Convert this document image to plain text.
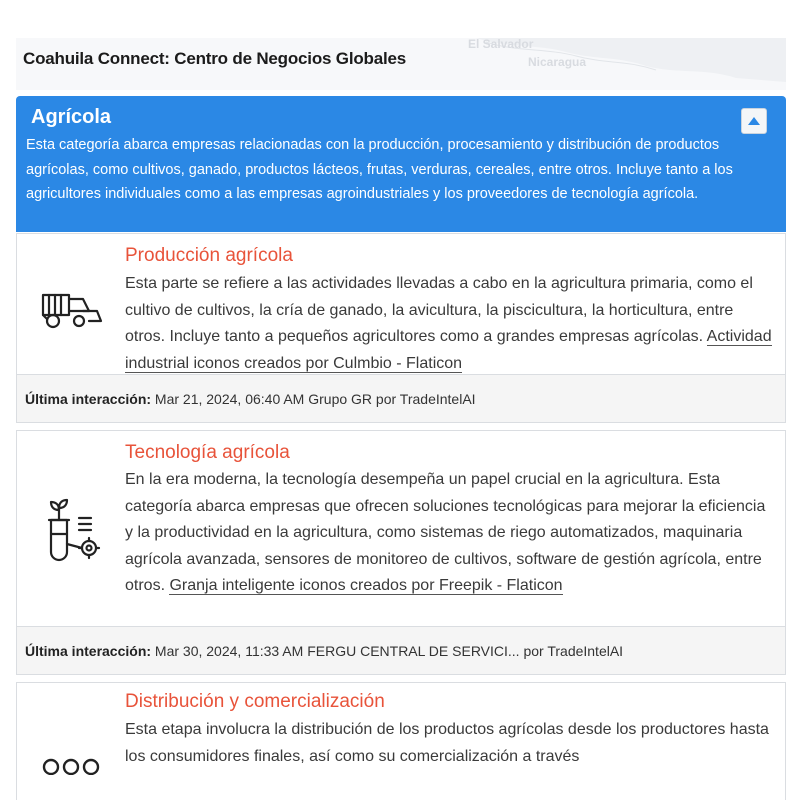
El Salvador
Nicaragua
Coahuila Connect: Centro de Negocios Globales
Agrícola
Esta categoría abarca empresas relacionadas con la producción, procesamiento y distribución de productos agrícolas, como cultivos, ganado, productos lácteos, frutas, verduras, cereales, entre otros. Incluye tanto a los agricultores individuales como a las empresas agroindustriales y los proveedores de tecnología agrícola.
Producción agrícola
Esta parte se refiere a las actividades llevadas a cabo en la agricultura primaria, como el cultivo de cultivos, la cría de ganado, la avicultura, la piscicultura, la horticultura, entre otros. Incluye tanto a pequeños agricultores como a grandes empresas agrícolas. Actividad industrial iconos creados por Culmbio - Flaticon
Última interacción: Mar 21, 2024, 06:40 AM Grupo GR por TradeIntelAI
Tecnología agrícola
En la era moderna, la tecnología desempeña un papel crucial en la agricultura. Esta categoría abarca empresas que ofrecen soluciones tecnológicas para mejorar la eficiencia y la productividad en la agricultura, como sistemas de riego automatizados, maquinaria agrícola avanzada, sensores de monitoreo de cultivos, software de gestión agrícola, entre otros. Granja inteligente iconos creados por Freepik - Flaticon
Última interacción: Mar 30, 2024, 11:33 AM FERGU CENTRAL DE SERVICI... por TradeIntelAI
Distribución y comercialización
Esta etapa involucra la distribución de los productos agrícolas desde los productores hasta los consumidores finales, así como su comercialización a través
